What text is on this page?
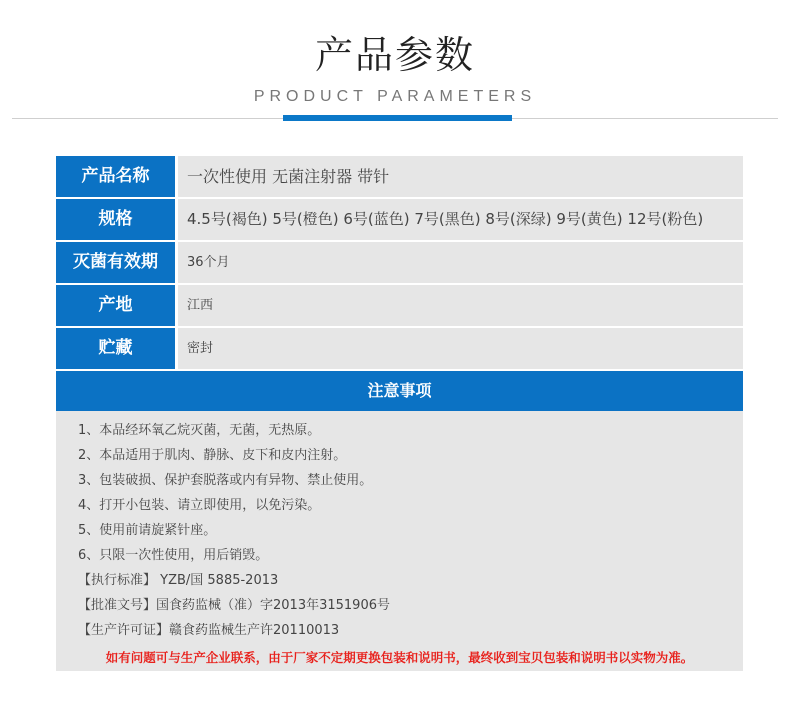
产品参数
PRODUCT PARAMETERS
产品名称	一次性使用 无菌注射器 带针
规格	4.5号(褐色) 5号(橙色) 6号(蓝色) 7号(黑色) 8号(深绿) 9号(黄色) 12号(粉色)
灭菌有效期	36个月
产地	江西
贮藏	密封
注意事项
1、本品经环氧乙烷灭菌，无菌，无热原。
2、本品适用于肌肉、静脉、皮下和皮内注射。
3、包装破损、保护套脱落或内有异物、禁止使用。
4、打开小包装、请立即使用，以免污染。
5、使用前请旋紧针座。
6、只限一次性使用，用后销毁。
【执行标准】 YZB/国 5885-2013
【批准文号】国食药监械（准）字2013年3151906号
【生产许可证】赣食药监械生产许20110013
如有问题可与生产企业联系，由于厂家不定期更换包装和说明书，最终收到宝贝包装和说明书以实物为准。
